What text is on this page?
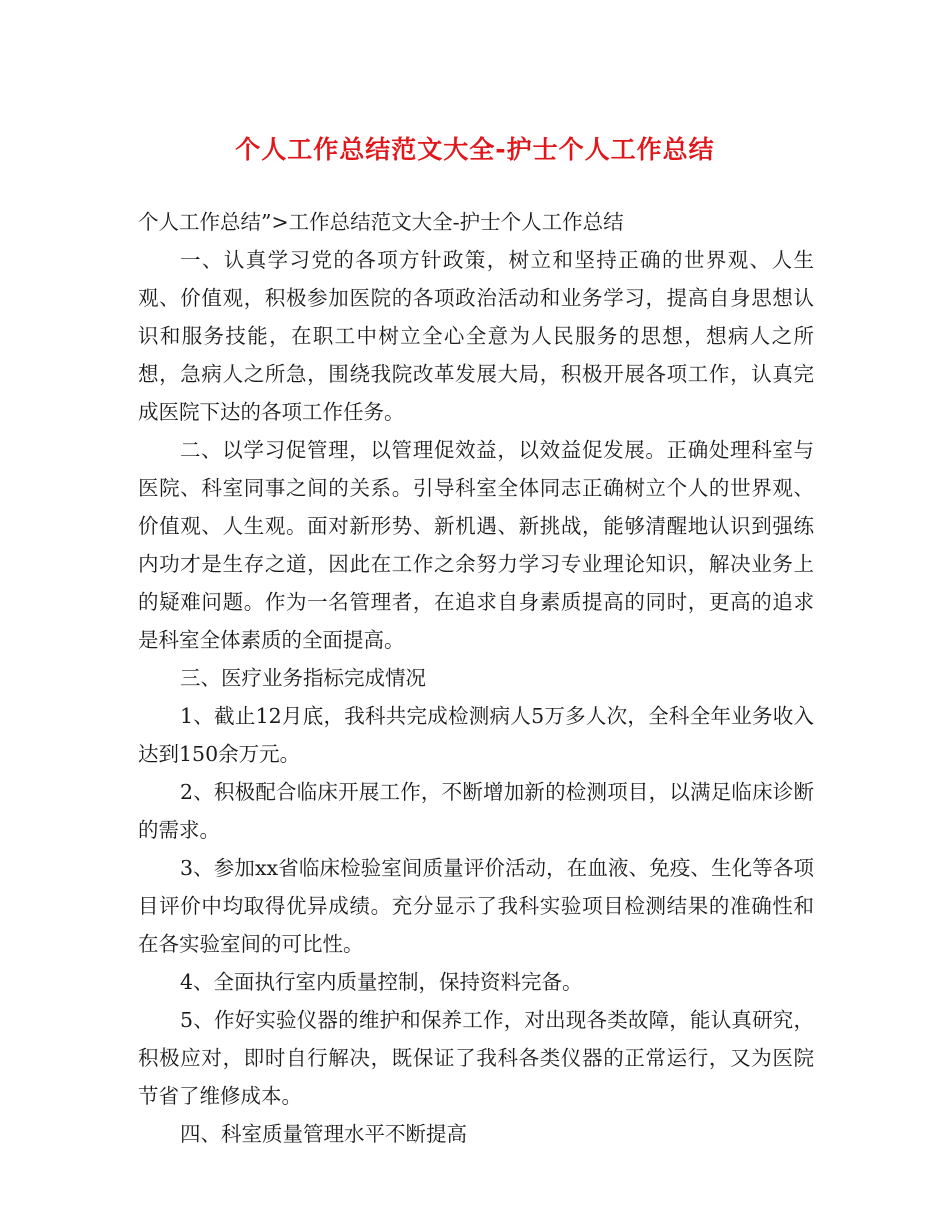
个人工作总结范文大全-护士个人工作总结

个人工作总结”>工作总结范文大全-护士个人工作总结

一、认真学习党的各项方针政策，树立和坚持正确的世界观、人生观、价值观，积极参加医院的各项政治活动和业务学习，提高自身思想认识和服务技能，在职工中树立全心全意为人民服务的思想，想病人之所想，急病人之所急，围绕我院改革发展大局，积极开展各项工作，认真完成医院下达的各项工作任务。

二、以学习促管理，以管理促效益，以效益促发展。正确处理科室与医院、科室同事之间的关系。引导科室全体同志正确树立个人的世界观、价值观、人生观。面对新形势、新机遇、新挑战，能够清醒地认识到强练内功才是生存之道，因此在工作之余努力学习专业理论知识，解决业务上的疑难问题。作为一名管理者，在追求自身素质提高的同时，更高的追求是科室全体素质的全面提高。

三、医疗业务指标完成情况

1、截止12月底，我科共完成检测病人5万多人次，全科全年业务收入达到150余万元。

2、积极配合临床开展工作，不断增加新的检测项目，以满足临床诊断的需求。

3、参加xx省临床检验室间质量评价活动，在血液、免疫、生化等各项目评价中均取得优异成绩。充分显示了我科实验项目检测结果的准确性和在各实验室间的可比性。

4、全面执行室内质量控制，保持资料完备。

5、作好实验仪器的维护和保养工作，对出现各类故障，能认真研究，积极应对，即时自行解决，既保证了我科各类仪器的正常运行，又为医院节省了维修成本。

四、科室质量管理水平不断提高
